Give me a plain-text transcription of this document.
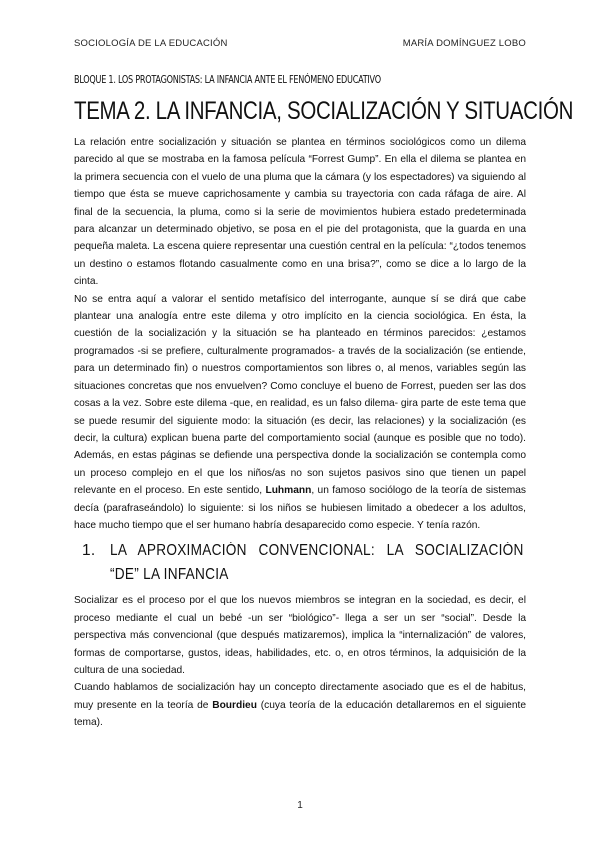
SOCIOLOGÍA DE LA EDUCACIÓN	MARÍA DOMÍNGUEZ LOBO
BLOQUE 1. LOS PROTAGONISTAS: LA INFANCIA ANTE EL FENÓMENO EDUCATIVO
TEMA 2. LA INFANCIA, SOCIALIZACIÓN Y SITUACIÓN

La relación entre socialización y situación se plantea en términos sociológicos como un dilema parecido al que se mostraba en la famosa película “Forrest Gump”. En ella el dilema se plantea en la primera secuencia con el vuelo de una pluma que la cámara (y los espectadores) va siguiendo al tiempo que ésta se mueve caprichosamente y cambia su trayectoria con cada ráfaga de aire. Al final de la secuencia, la pluma, como si la serie de movimientos hubiera estado predeterminada para alcanzar un determinado objetivo, se posa en el pie del protagonista, que la guarda en una pequeña maleta. La escena quiere representar una cuestión central en la película: “¿todos tenemos un destino o estamos flotando casualmente como en una brisa?”, como se dice a lo largo de la cinta.

No se entra aquí a valorar el sentido metafísico del interrogante, aunque sí se dirá que cabe plantear una analogía entre este dilema y otro implícito en la ciencia sociológica. En ésta, la cuestión de la socialización y la situación se ha planteado en términos parecidos: ¿estamos programados -si se prefiere, culturalmente programados- a través de la socialización (se entiende, para un determinado fin) o nuestros comportamientos son libres o, al menos, variables según las situaciones concretas que nos envuelven? Como concluye el bueno de Forrest, pueden ser las dos cosas a la vez. Sobre este dilema -que, en realidad, es un falso dilema- gira parte de este tema que se puede resumir del siguiente modo: la situación (es decir, las relaciones) y la socialización (es decir, la cultura) explican buena parte del comportamiento social (aunque es posible que no todo). Además, en estas páginas se defiende una perspectiva donde la socialización se contempla como un proceso complejo en el que los niños/as no son sujetos pasivos sino que tienen un papel relevante en el proceso. En este sentido, Luhmann, un famoso sociólogo de la teoría de sistemas decía (parafraseándolo) lo siguiente: si los niños se hubiesen limitado a obedecer a los adultos, hace mucho tiempo que el ser humano habría desaparecido como especie. Y tenía razón.

1. LA APROXIMACIÓN CONVENCIONAL: LA SOCIALIZACIÓN “DE” LA INFANCIA

Socializar es el proceso por el que los nuevos miembros se integran en la sociedad, es decir, el proceso mediante el cual un bebé -un ser “biológico”- llega a ser un ser “social”. Desde la perspectiva más convencional (que después matizaremos), implica la “internalización” de valores, formas de comportarse, gustos, ideas, habilidades, etc. o, en otros términos, la adquisición de la cultura de una sociedad.

Cuando hablamos de socialización hay un concepto directamente asociado que es el de habitus, muy presente en la teoría de Bourdieu (cuya teoría de la educación detallaremos en el siguiente tema).

1
